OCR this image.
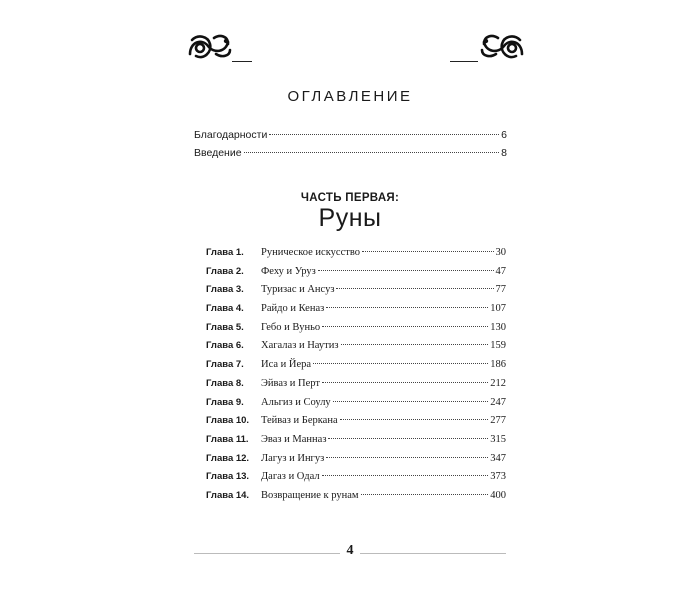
ОГЛАВЛЕНИЕ
Благодарности	6
Введение	8
ЧАСТЬ ПЕРВАЯ:
Руны
Глава 1.	Руническое искусство	30
Глава 2.	Феху и Уруз	47
Глава 3.	Туризас и Ансуз	77
Глава 4.	Райдо и Кеназ	107
Глава 5.	Гебо и Вуньо	130
Глава 6.	Хагалаз и Наутиз	159
Глава 7.	Иса и Йера	186
Глава 8.	Эйваз и Перт	212
Глава 9.	Альгиз и Соулу	247
Глава 10.	Тейваз и Беркана	277
Глава 11.	Эваз и Манназ	315
Глава 12.	Лагуз и Ингуз	347
Глава 13.	Дагаз и Одал	373
Глава 14.	Возвращение к рунам	400
4
